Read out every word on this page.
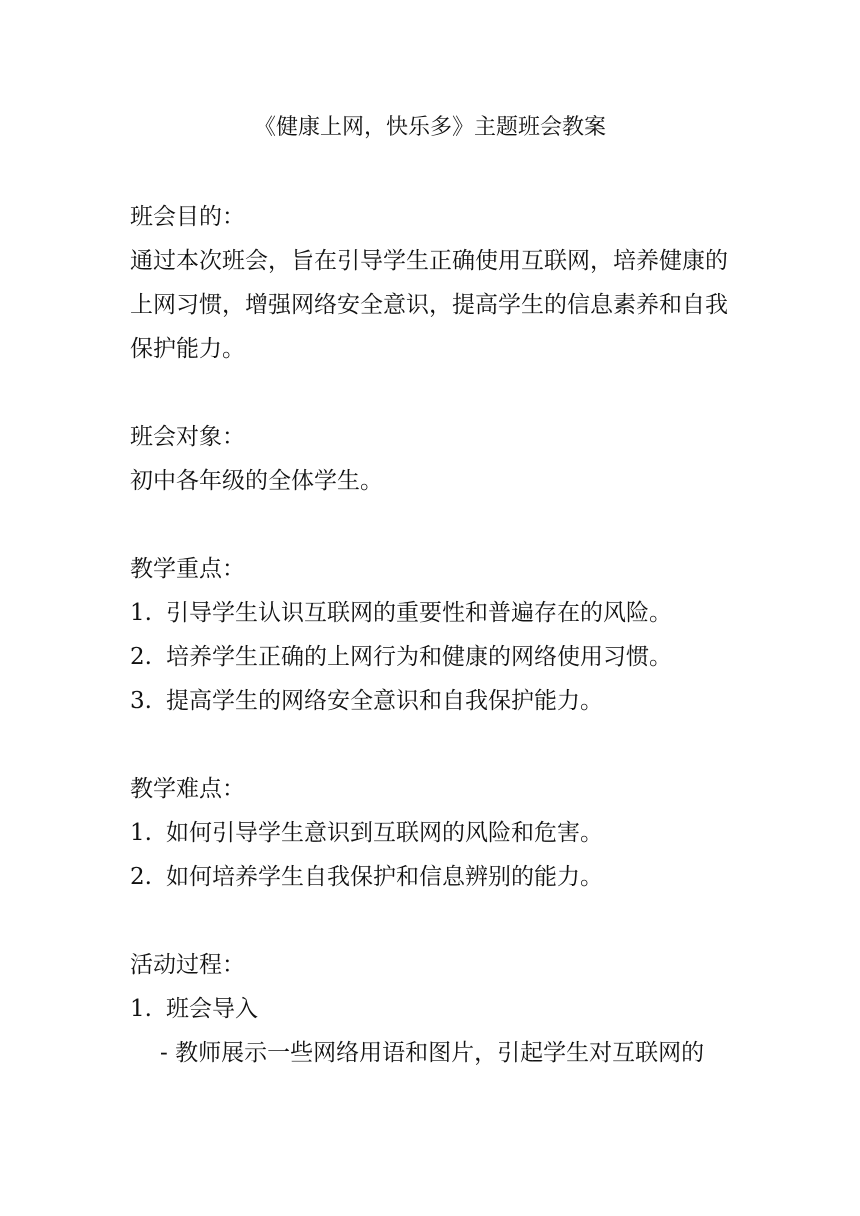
《健康上网，快乐多》主题班会教案

班会目的：

通过本次班会，旨在引导学生正确使用互联网，培养健康的

上网习惯，增强网络安全意识，提高学生的信息素养和自我

保护能力。

班会对象：

初中各年级的全体学生。

教学重点：

1. 引导学生认识互联网的重要性和普遍存在的风险。
2. 培养学生正确的上网行为和健康的网络使用习惯。
3. 提高学生的网络安全意识和自我保护能力。

教学难点：

1. 如何引导学生意识到互联网的风险和危害。
2. 如何培养学生自我保护和信息辨别的能力。

活动过程：

1. 班会导入

- 教师展示一些网络用语和图片，引起学生对互联网的
